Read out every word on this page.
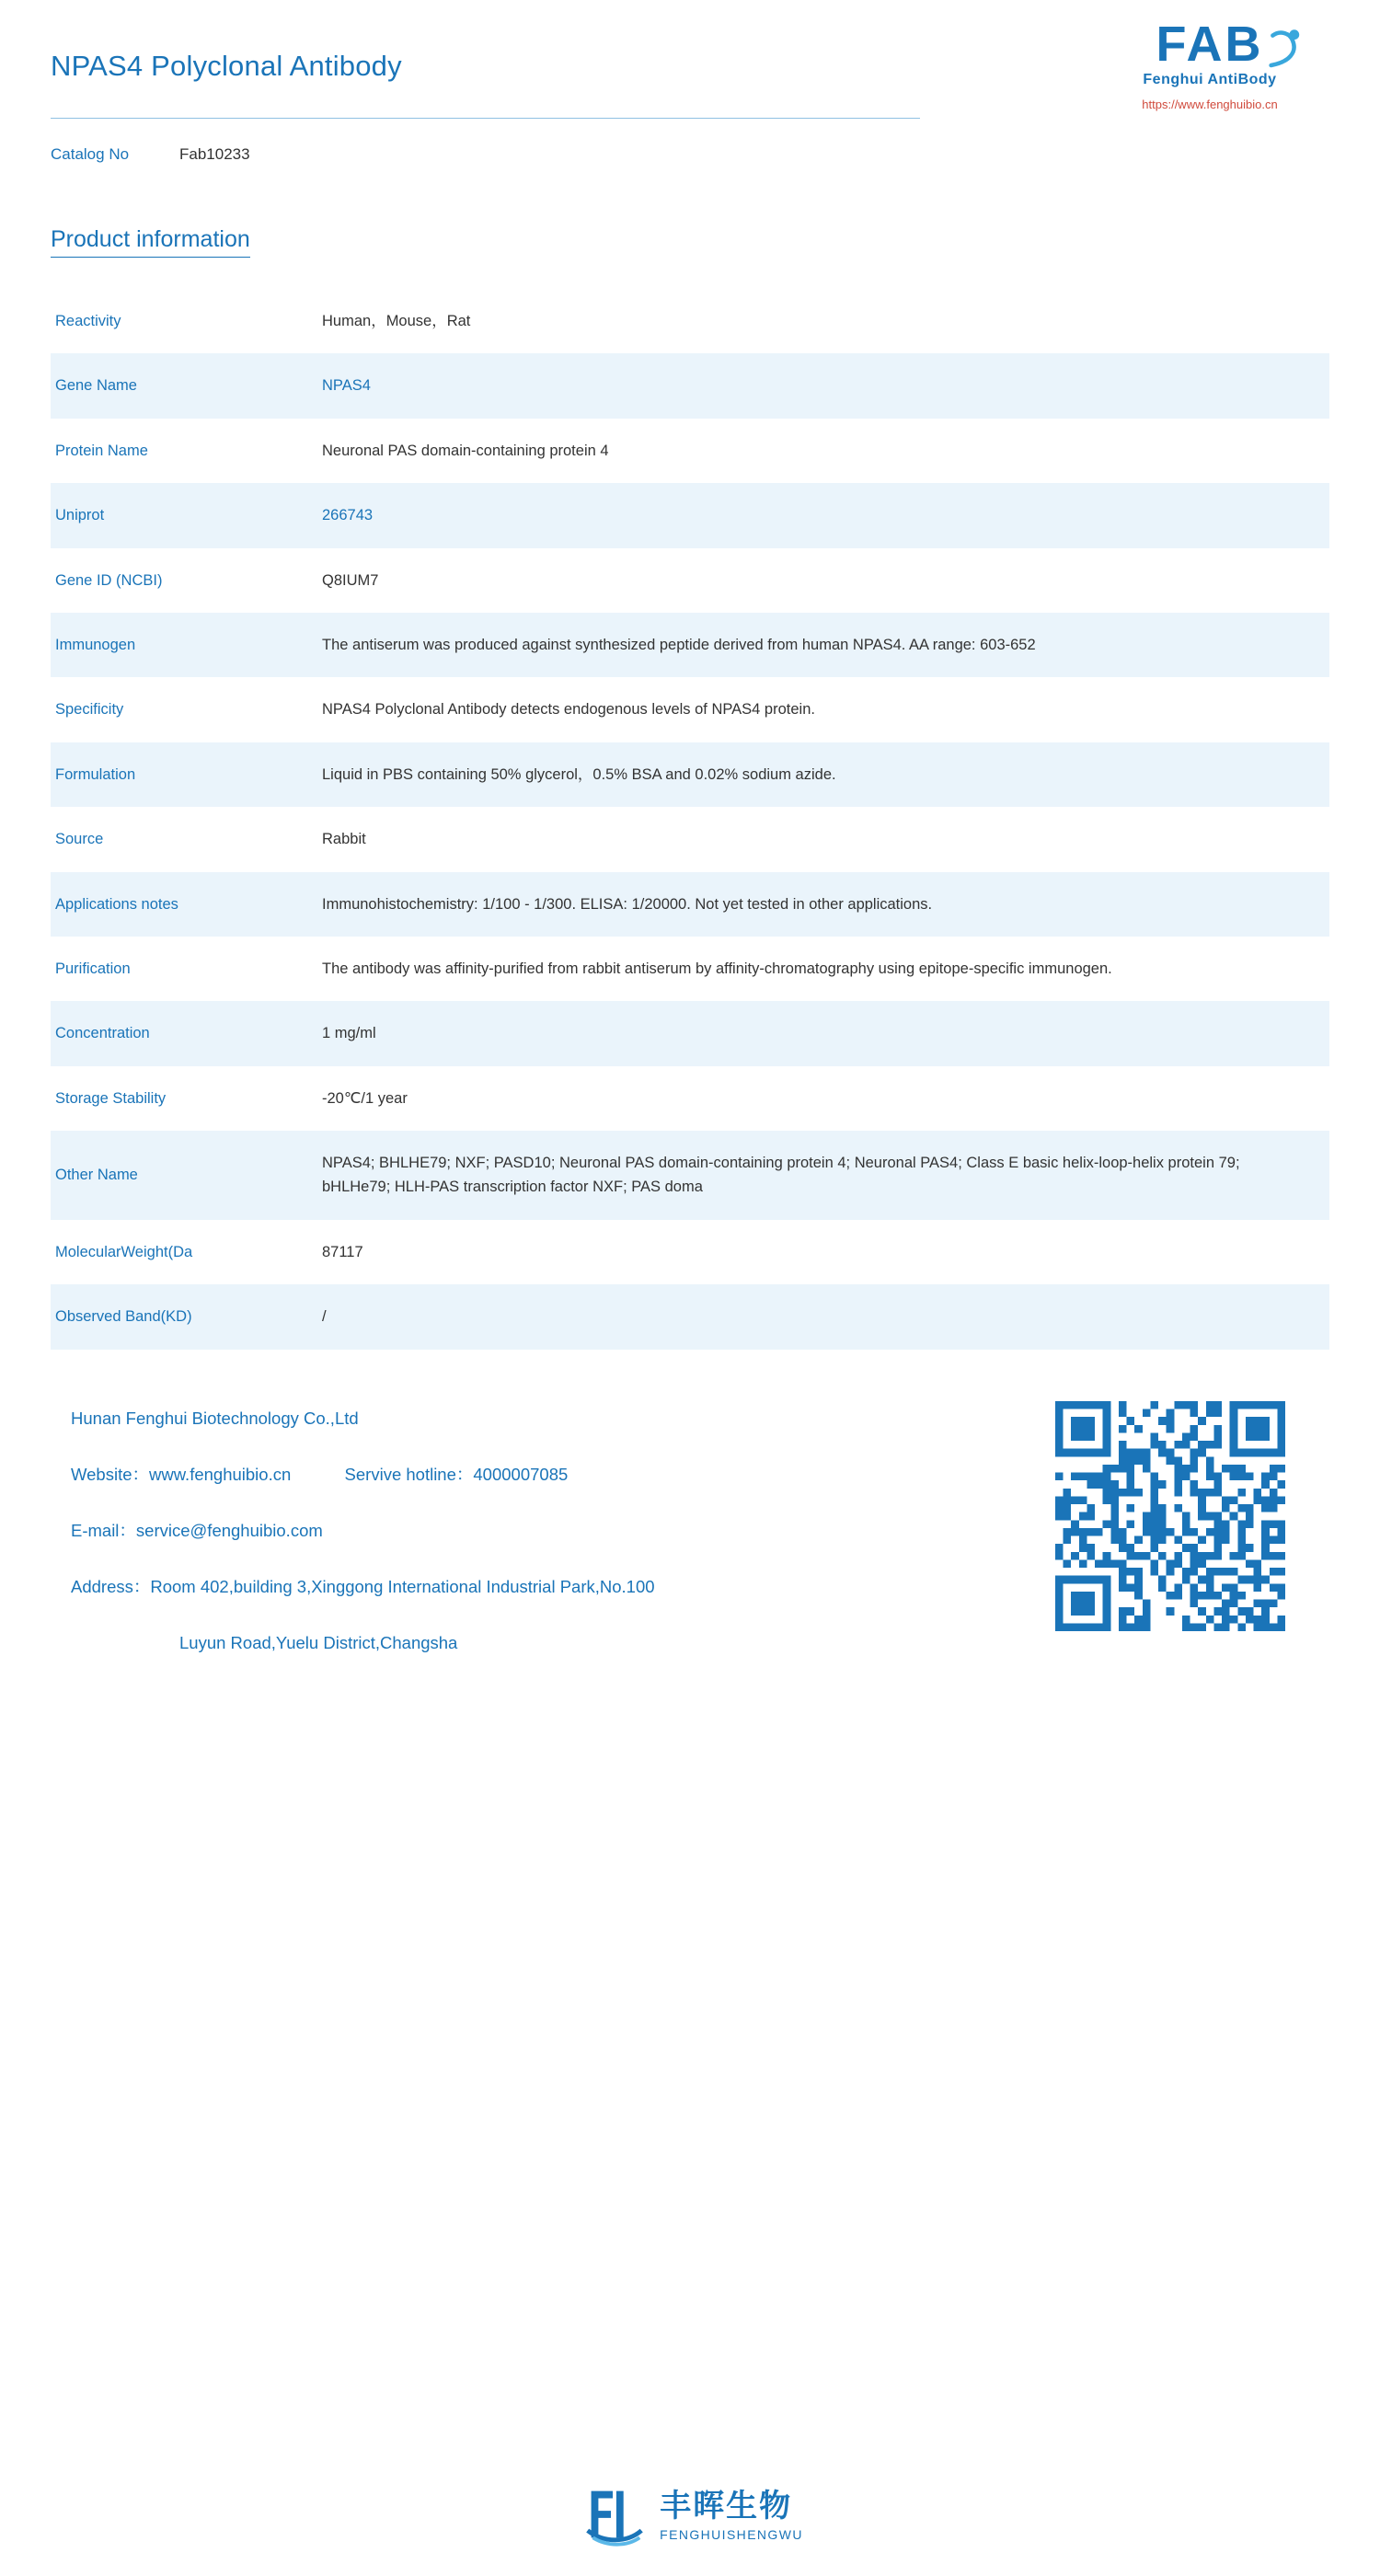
NPAS4 Polyclonal Antibody	FAB
Fenghui AntiBody
https://www.fenghuibio.cn
Catalog No	Fab10233
Product information
Reactivity	Human，Mouse，Rat
Gene Name	NPAS4
Protein Name	Neuronal PAS domain-containing protein 4
Uniprot	266743
Gene ID (NCBI)	Q8IUM7
Immunogen	The antiserum was produced against synthesized peptide derived from human NPAS4. AA range: 603-652
Specificity	NPAS4 Polyclonal Antibody detects endogenous levels of NPAS4 protein.
Formulation	Liquid in PBS containing 50% glycerol，0.5% BSA and 0.02% sodium azide.
Source	Rabbit
Applications notes	Immunohistochemistry: 1/100 - 1/300. ELISA: 1/20000. Not yet tested in other applications.
Purification	The antibody was affinity-purified from rabbit antiserum by affinity-chromatography using epitope-specific immunogen.
Concentration	1 mg/ml
Storage Stability	-20℃/1 year
Other Name	NPAS4; BHLHE79; NXF; PASD10; Neuronal PAS domain-containing protein 4; Neuronal PAS4; Class E basic helix-loop-helix protein 79; bHLHe79; HLH-PAS transcription factor NXF; PAS doma
MolecularWeight(Da	87117
Observed Band(KD)	/
Hunan Fenghui Biotechnology Co.,Ltd
Website：www.fenghuibio.cn	Servive hotline：4000007085
E-mail：service@fenghuibio.com
Address：Room 402,building 3,Xinggong International Industrial Park,No.100
Luyun Road,Yuelu District,Changsha
丰晖生物
FENGHUISHENGWU
